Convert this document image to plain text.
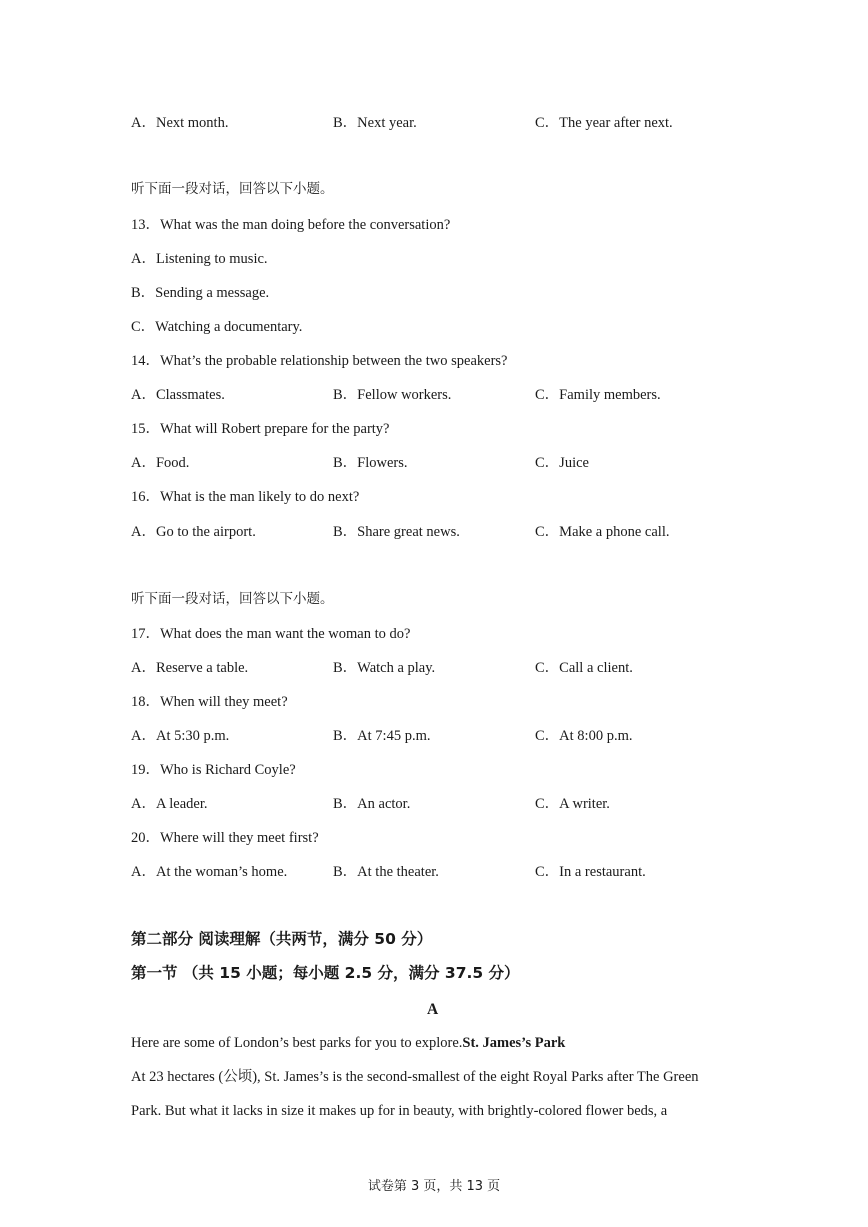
A．Next month.	B．Next year.	C．The year after next.
听下面一段对话，回答以下小题。
13．What was the man doing before the conversation?
A．Listening to music.
B．Sending a message.
C．Watching a documentary.
14．What’s the probable relationship between the two speakers?
A．Classmates.	B．Fellow workers.	C．Family members.
15．What will Robert prepare for the party?
A．Food.	B．Flowers.	C．Juice
16．What is the man likely to do next?
A．Go to the airport.	B．Share great news.	C．Make a phone call.
听下面一段对话，回答以下小题。
17．What does the man want the woman to do?
A．Reserve a table.	B．Watch a play.	C．Call a client.
18．When will they meet?
A．At 5:30 p.m.	B．At 7:45 p.m.	C．At 8:00 p.m.
19．Who is Richard Coyle?
A．A leader.	B．An actor.	C．A writer.
20．Where will they meet first?
A．At the woman’s home.	B．At the theater.	C．In a restaurant.
第二部分 阅读理解（共两节，满分 50 分）
第一节 （共 15 小题；每小题 2.5 分，满分 37.5 分）
A
Here are some of London’s best parks for you to explore.St. James’s Park
At 23 hectares (公顷), St. James’s is the second-smallest of the eight Royal Parks after The Green
Park. But what it lacks in size it makes up for in beauty, with brightly-colored flower beds, a
试卷第 3 页，共 13 页
